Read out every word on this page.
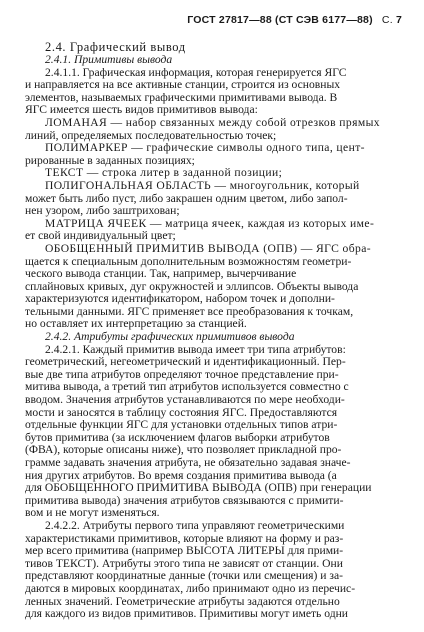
ГОСТ 27817—88 (СТ СЭВ 6177—88) С. 7
2.4. Графический вывод
2.4.1. Примитивы вывода
2.4.1.1. Графическая информация, которая генерируется ЯГС
и направляется на все активные станции, строится из основных
элементов, называемых графическими примитивами вывода. В
ЯГС имеется шесть видов примитивов вывода:
ЛОМАНАЯ — набор связанных между собой отрезков прямых
линий, определяемых последовательностью точек;
ПОЛИМАРКЕР — графические символы одного типа, цент-
рированные в заданных позициях;
ТЕКСТ — строка литер в заданной позиции;
ПОЛИГОНАЛЬНАЯ ОБЛАСТЬ — многоугольник, который
может быть либо пуст, либо закрашен одним цветом, либо запол-
нен узором, либо заштрихован;
МАТРИЦА ЯЧЕЕК — матрица ячеек, каждая из которых име-
ет свой индивидуальный цвет;
ОБОБЩЕННЫЙ ПРИМИТИВ ВЫВОДА (ОПВ) — ЯГС обра-
щается к специальным дополнительным возможностям геометри-
ческого вывода станции. Так, например, вычерчивание
сплайновых кривых, дуг окружностей и эллипсов. Объекты вывода
характеризуются идентификатором, набором точек и дополни-
тельными данными. ЯГС применяет все преобразования к точкам,
но оставляет их интерпретацию за станцией.
2.4.2. Атрибуты графических примитивов вывода
2.4.2.1. Каждый примитив вывода имеет три типа атрибутов:
геометрический, негеометрический и идентификационный. Пер-
вые две типа атрибутов определяют точное представление при-
митива вывода, а третий тип атрибутов используется совместно с
вводом. Значения атрибутов устанавливаются по мере необходи-
мости и заносятся в таблицу состояния ЯГС. Предоставляются
отдельные функции ЯГС для установки отдельных типов атри-
бутов примитива (за исключением флагов выборки атрибутов
(ФВА), которые описаны ниже), что позволяет прикладной про-
грамме задавать значения атрибута, не обязательно задавая значе-
ния других атрибутов. Во время создания примитива вывода (а
для ОБОБЩЕННОГО ПРИМИТИВА ВЫВОДА (ОПВ) при генерации
примитива вывода) значения атрибутов связываются с примити-
вом и не могут изменяться.
2.4.2.2. Атрибуты первого типа управляют геометрическими
характеристиками примитивов, которые влияют на форму и раз-
мер всего примитива (например ВЫСОТА ЛИТЕРЫ для прими-
тивов ТЕКСТ). Атрибуты этого типа не зависят от станции. Они
представляют координатные данные (точки или смещения) и за-
даются в мировых координатах, либо принимают одно из перечис-
ленных значений. Геометрические атрибуты задаются отдельно
для каждого из видов примитивов. Примитивы могут иметь одни
